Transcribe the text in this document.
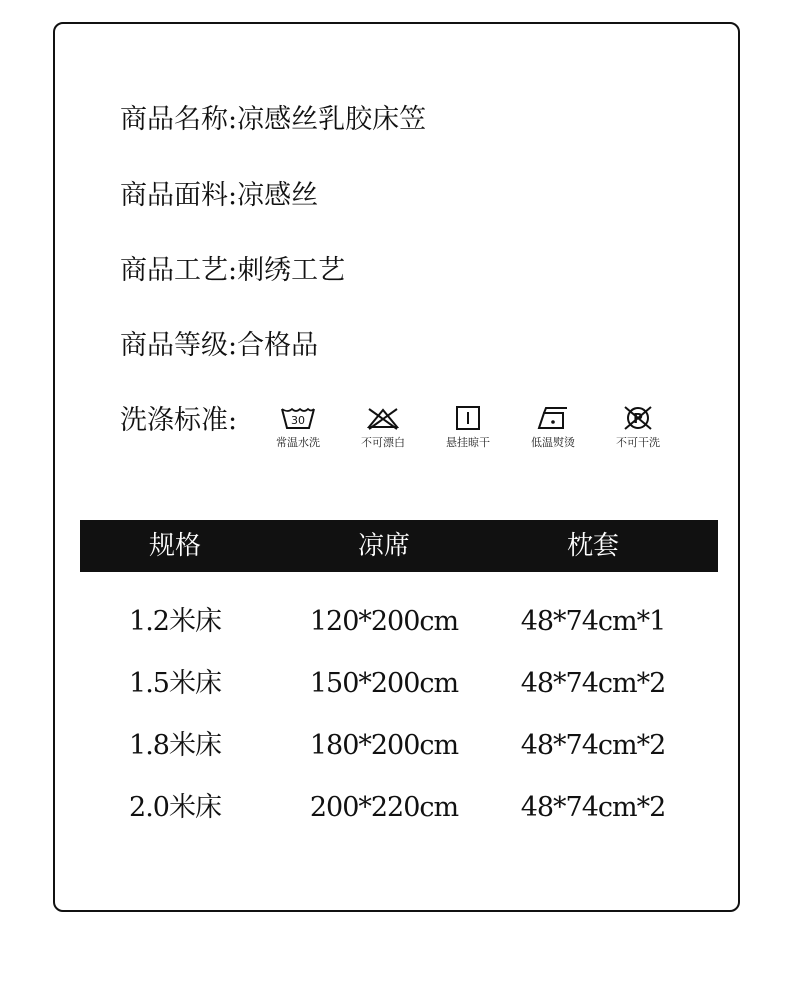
商品名称:凉感丝乳胶床笠
商品面料:凉感丝
商品工艺:刺绣工艺
商品等级:合格品
洗涤标准:	30
常温水洗	不可漂白	悬挂晾干	低温熨烫
P
不可干洗
规格	凉席	枕套
1.2米床	120*200cm	48*74cm*1
1.5米床	150*200cm	48*74cm*2
1.8米床	180*200cm	48*74cm*2
2.0米床	200*220cm	48*74cm*2
